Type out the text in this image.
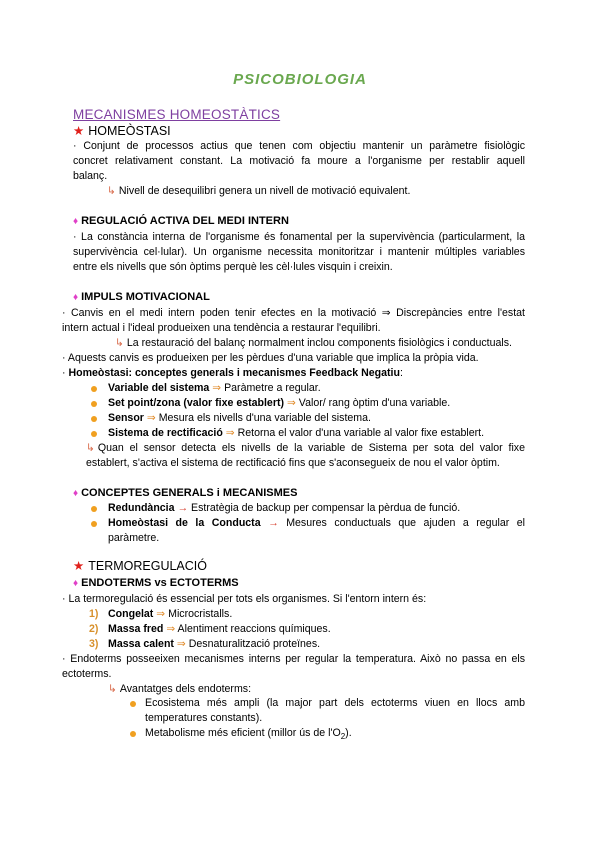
PSICOBIOLOGIA
MECANISMES HOMEOSTÀTICS
★ HOMEÒSTASI
· Conjunt de processos actius que tenen com objectiu mantenir un paràmetre fisiològic
concret relativament constant. La motivació fa moure a l'organisme per restablir aquell
balanç.
↳ Nivell de desequilibri genera un nivell de motivació equivalent.
♦ REGULACIÓ ACTIVA DEL MEDI INTERN
· La constància interna de l'organisme és fonamental per la supervivència (particularment, la
supervivència cel·lular). Un organisme necessita monitoritzar i mantenir múltiples variables
entre els nivells que són òptims perquè les cèl·lules visquin i creixin.
♦ IMPULS MOTIVACIONAL
· Canvis en el medi intern poden tenir efectes en la motivació ⇒ Discrepàncies entre l'estat
intern actual i l'ideal produeixen una tendència a restaurar l'equilibri.
↳ La restauració del balanç normalment inclou components fisiològics i conductuals.
· Aquests canvis es produeixen per les pèrdues d'una variable que implica la pròpia vida.
· Homeòstasi: conceptes generals i mecanismes Feedback Negatiu:
Variable del sistema ⇒ Paràmetre a regular.
Set point/zona (valor fixe establert) ⇒ Valor/ rang òptim d'una variable.
Sensor ⇒ Mesura els nivells d'una variable del sistema.
Sistema de rectificació ⇒ Retorna el valor d'una variable al valor fixe establert.
↳ Quan el sensor detecta els nivells de la variable de Sistema per sota del valor fixe
establert, s'activa el sistema de rectificació fins que s'aconsegueix de nou el valor òptim.
♦ CONCEPTES GENERALS i MECANISMES
Redundància → Estratègia de backup per compensar la pèrdua de funció.
Homeòstasi de la Conducta → Mesures conductuals que ajuden a regular el
paràmetre.
★ TERMOREGULACIÓ
♦ ENDOTERMS vs ECTOTERMS
· La termoregulació és essencial per tots els organismes. Si l'entorn intern és:
1) Congelat ⇒ Microcristalls.
2) Massa fred ⇒ Alentiment reaccions químiques.
3) Massa calent ⇒ Desnaturalització proteïnes.
· Endoterms posseeixen mecanismes interns per regular la temperatura. Això no passa en els
ectoterms.
↳ Avantatges dels endoterms:
Ecosistema més ampli (la major part dels ectoterms viuen en llocs amb
temperatures constants).
Metabolisme més eficient (millor ús de $l'O_2$).
